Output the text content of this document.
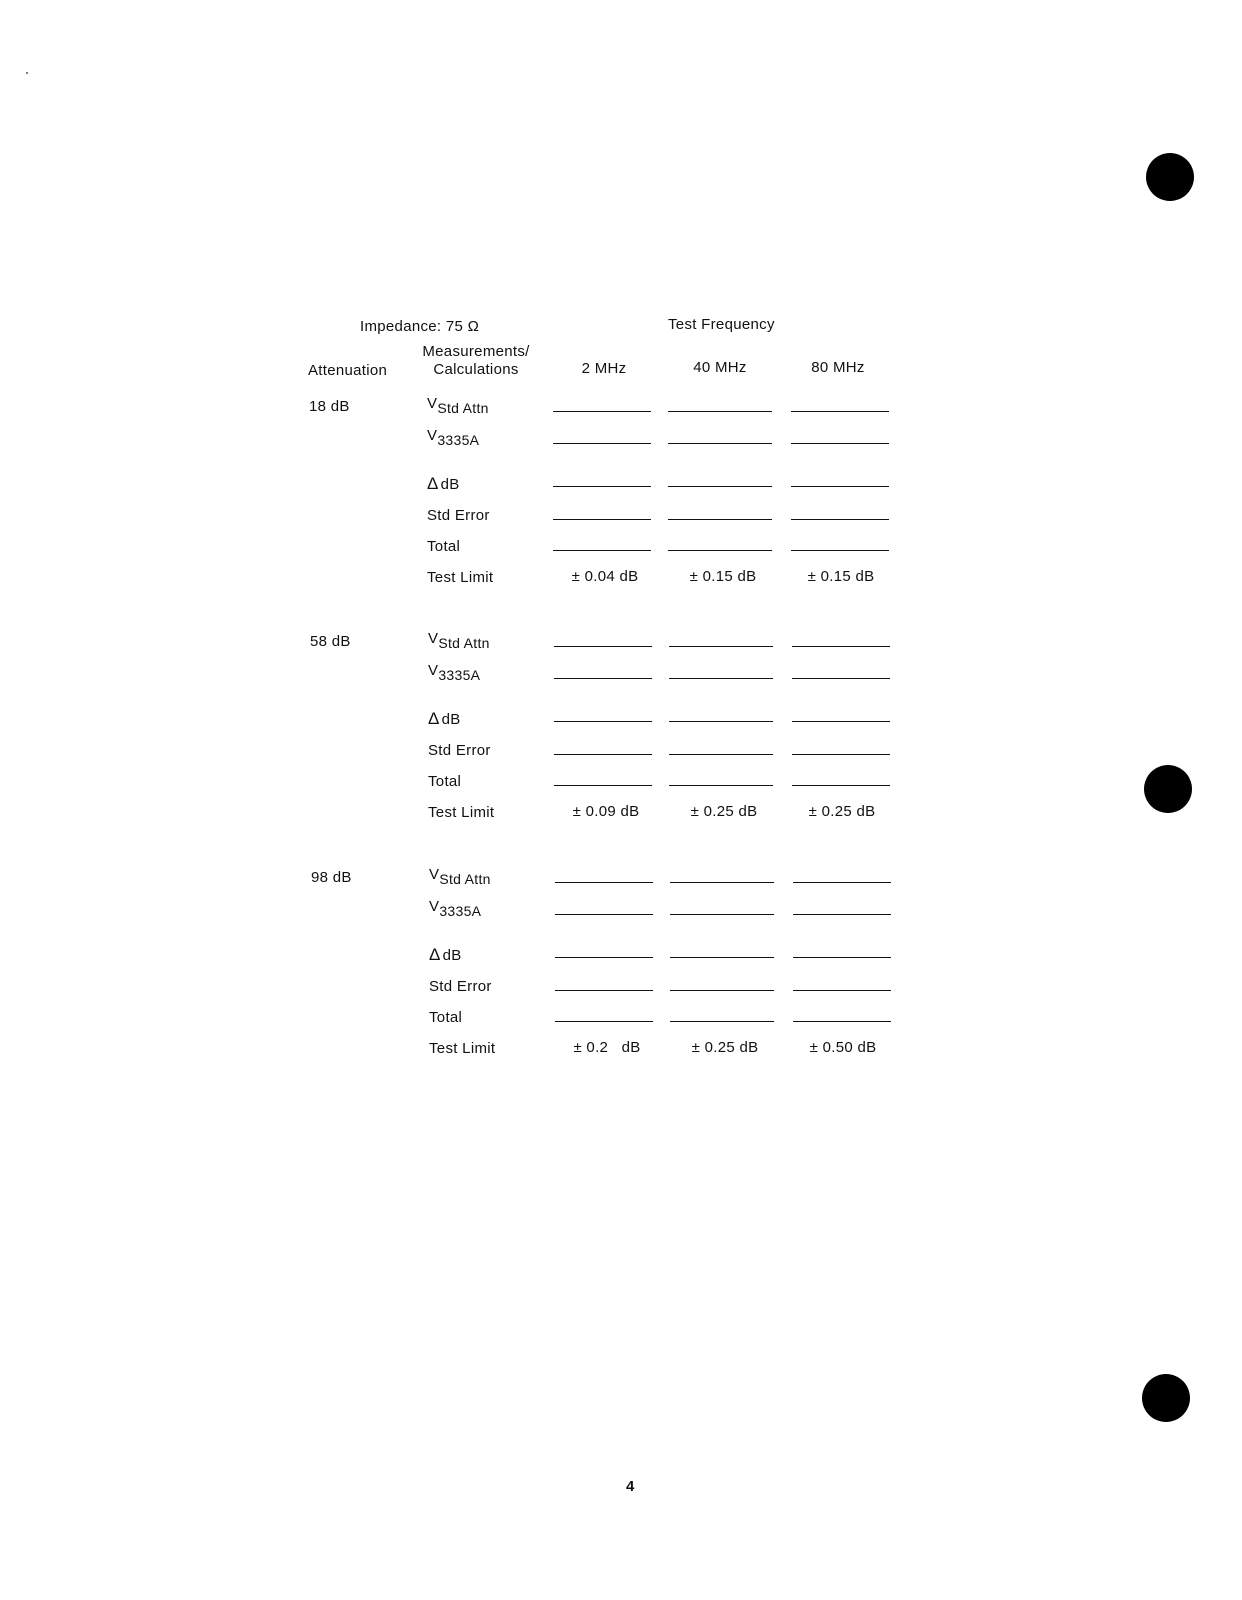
Impedance: 75 Ω	Test Frequency
Attenuation
Measurements/
Calculations	2 MHz	40 MHz	80 MHz
18 dB	VStd Attn
V3335A
Δ dB
Std Error
Total
Test Limit	± 0.04 dB	± 0.15 dB	± 0.15 dB
58 dB	VStd Attn
V3335A
Δ dB
Std Error
Total
Test Limit	± 0.09 dB	± 0.25 dB	± 0.25 dB
98 dB	VStd Attn
V3335A
Δ dB
Std Error
Total
Test Limit	± 0.2   dB	± 0.25 dB	± 0.50 dB
4
